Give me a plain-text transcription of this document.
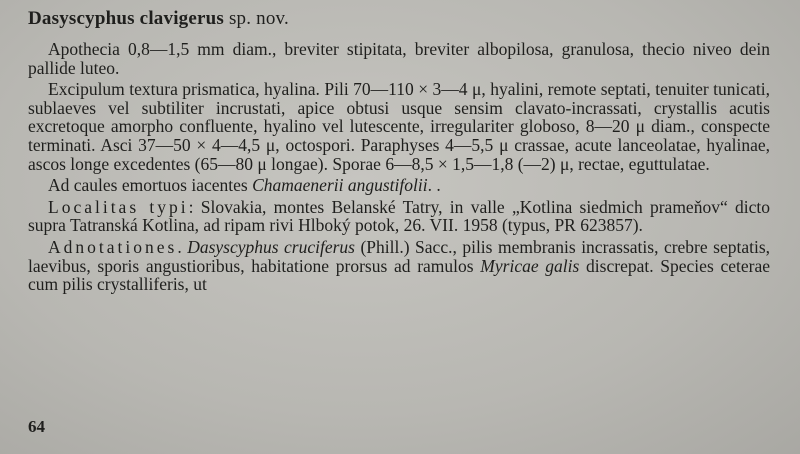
Dasyscyphus clavigerus sp. nov.

Apothecia 0,8—1,5 mm diam., breviter stipitata, breviter albopilosa, granulosa, thecio niveo dein pallide luteo.

Excipulum textura prismatica, hyalina. Pili 70—110 × 3—4 μ, hyalini, remote septati, tenuiter tunicati, sublaeves vel subtiliter incrustati, apice obtusi usque sensim clavato-incrassati, crystallis acutis excretoque amorpho confluente, hyalino vel lutescente, irregulariter globoso, 8—20 μ diam., conspecte terminati. Asci 37—50 × 4—4,5 μ, octospori. Paraphyses 4—5,5 μ crassae, acute lanceolatae, hyalinae, ascos longe excedentes (65—80 μ longae). Sporae 6—8,5 × 1,5—1,8 (—2) μ, rectae, eguttulatae.

Ad caules emortuos iacentes Chamaenerii angustifolii. .

Localitas typi: Slovakia, montes Belanské Tatry, in valle „Kotlina siedmich prameňov“ dicto supra Tatranská Kotlina, ad ripam rivi Hlboký potok, 26. VII. 1958 (typus, PR 623857).

Adnotationes. Dasyscyphus cruciferus (Phill.) Sacc., pilis membranis incrassatis, crebre septatis, laevibus, sporis angustioribus, habitatione prorsus ad ramulos Myricae galis discrepat. Species ceterae cum pilis crystalliferis, ut

64
